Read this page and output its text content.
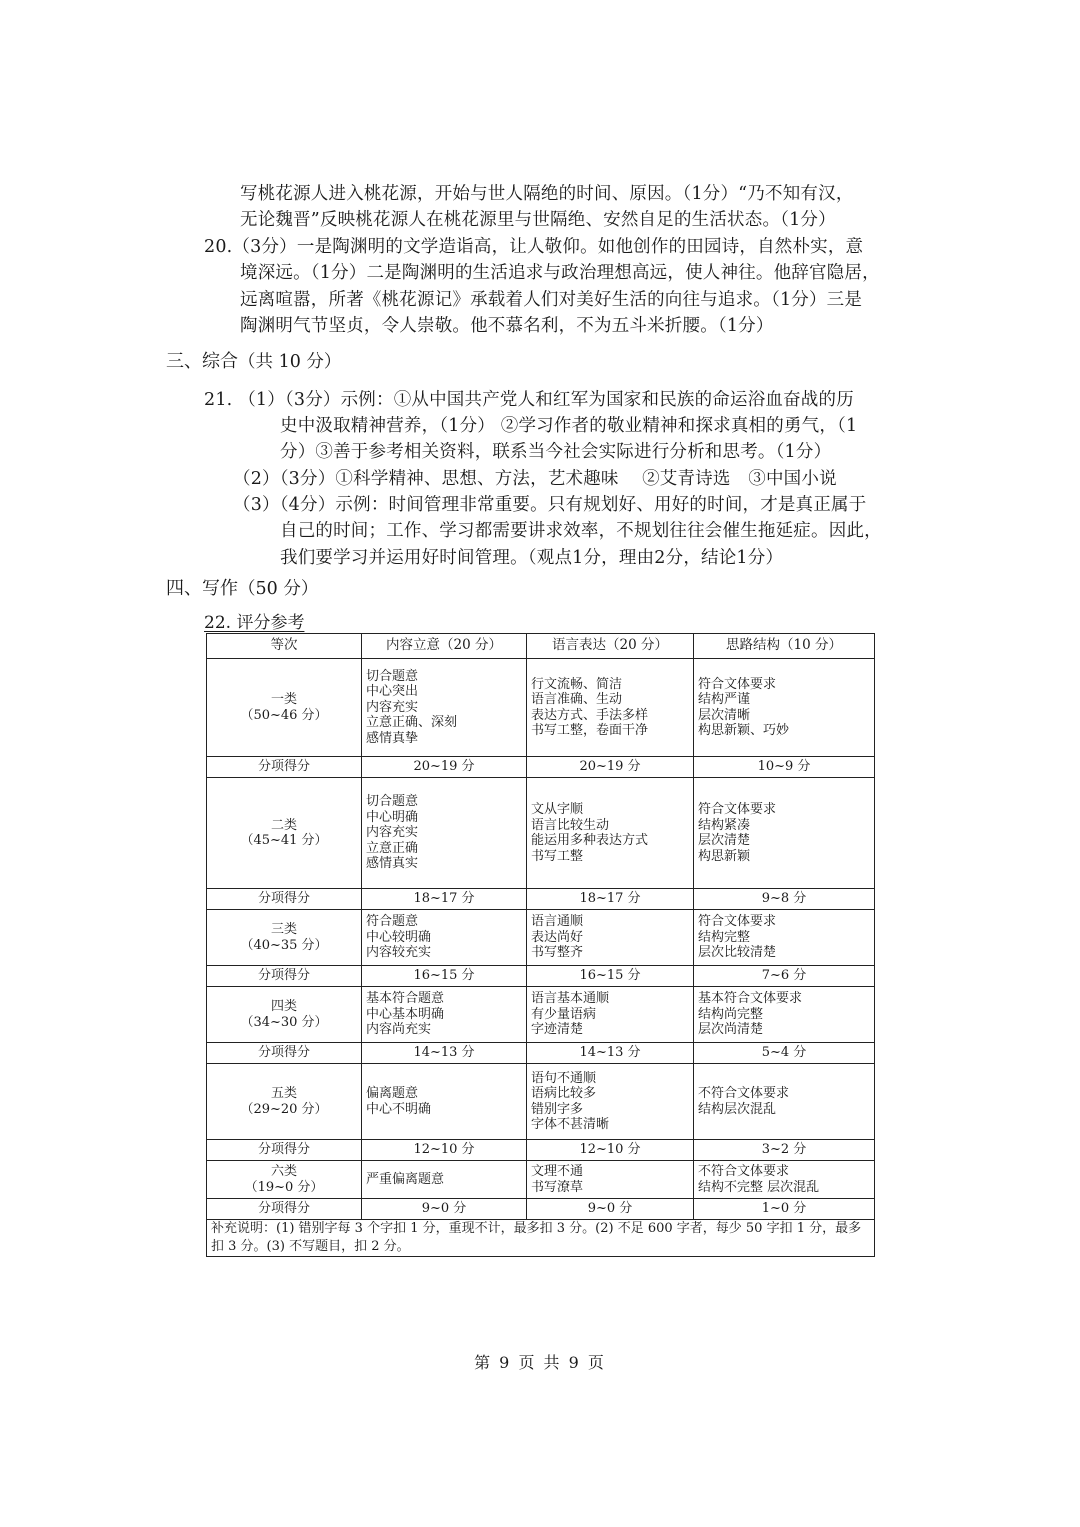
写桃花源人进入桃花源，开始与世人隔绝的时间、原因。（1分）“乃不知有汉，
无论魏晋”反映桃花源人在桃花源里与世隔绝、安然自足的生活状态。（1分）
20.（3分）一是陶渊明的文学造诣高，让人敬仰。如他创作的田园诗，自然朴实，意
境深远。（1分）二是陶渊明的生活追求与政治理想高远，使人神往。他辞官隐居，
远离喧嚣，所著《桃花源记》承载着人们对美好生活的向往与追求。（1分）三是
陶渊明气节坚贞，令人崇敬。他不慕名利，不为五斗米折腰。（1分）
三、综合（共 10 分）
21. （1）（3分）示例：①从中国共产党人和红军为国家和民族的命运浴血奋战的历
史中汲取精神营养，（1分） ②学习作者的敬业精神和探求真相的勇气，（1
分）③善于参考相关资料，联系当今社会实际进行分析和思考。（1分）
（2）（3分）①科学精神、思想、方法，艺术趣味　 ②艾青诗选　③中国小说
（3）（4分）示例：时间管理非常重要。只有规划好、用好的时间，才是真正属于
自己的时间；工作、学习都需要讲求效率，不规划往往会催生拖延症。因此，
我们要学习并运用好时间管理。（观点1分，理由2分，结论1分）
四、写作（50 分）
22. 评分参考
等次	内容立意（20 分）	语言表达（20 分）	思路结构（10 分）

一类
（50~46 分）	切合题意
中心突出
内容充实
立意正确、深刻
感情真挚	行文流畅、简洁
语言准确、生动
表达方式、手法多样
书写工整，卷面干净	符合文体要求
结构严谨
层次清晰
构思新颖、巧妙

分项得分	20~19 分	20~19 分	10~9 分

二类
（45~41 分）	切合题意
中心明确
内容充实
立意正确
感情真实	文从字顺
语言比较生动
能运用多种表达方式
书写工整	符合文体要求
结构紧凑
层次清楚
构思新颖

分项得分	18~17 分	18~17 分	9~8 分

三类
（40~35 分）	符合题意
中心较明确
内容较充实	语言通顺
表达尚好
书写整齐	符合文体要求
结构完整
层次比较清楚

分项得分	16~15 分	16~15 分	7~6 分

四类
（34~30 分）	基本符合题意
中心基本明确
内容尚充实	语言基本通顺
有少量语病
字迹清楚	基本符合文体要求
结构尚完整
层次尚清楚

分项得分	14~13 分	14~13 分	5~4 分

五类
（29~20 分）	偏离题意
中心不明确	语句不通顺
语病比较多
错别字多
字体不甚清晰	不符合文体要求
结构层次混乱

分项得分	12~10 分	12~10 分	3~2 分

六类
（19~0 分）	严重偏离题意	文理不通
书写潦草	不符合文体要求
结构不完整 层次混乱

分项得分	9~0 分	9~0 分	1~0 分
补充说明：(1) 错别字每 3 个字扣 1 分，重现不计，最多扣 3 分。(2) 不足 600 字者，每少 50 字扣 1 分，最多扣 3 分。(3) 不写题目，扣 2 分。			
第 9 页 共 9 页
